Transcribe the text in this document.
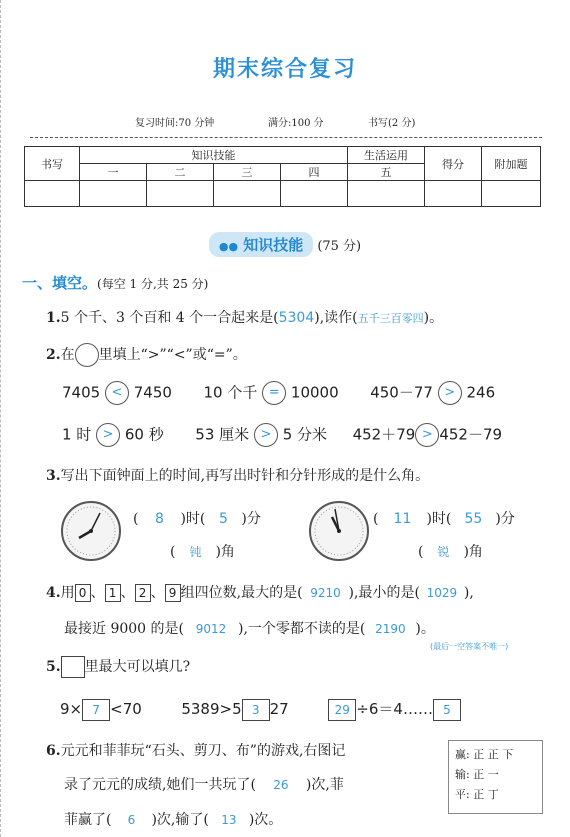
期末综合复习
复习时间:70 分钟	满分:100 分	书写(2 分)
书写	知识技能				生活运用	得分	附加题
	一	二	三	四	五		

●● 知识技能 (75 分)
一、填空。(每空 1 分,共 25 分)
1.5 个千、3 个百和 4 个一合起来是(5304),读作(五千三百零四)。
2.在 里填上“>”“<”或“=”。
7405 < 7450 10 个千 = 10000 450－77 > 246
1 时 > 60 秒 53 厘米 > 5 分米 452＋79 > 452－79
3.写出下面钟面上的时间,再写出时针和分针形成的是什么角。
( 8 )时( 5 )分
( 钝 )角
( 11 )时( 55 )分
( 锐 )角
4.用 0 、 1 、 2 、 9 组四位数,最大的是( 9210 ),最小的是( 1029 ),
最接近 9000 的是( 9012 ),一个零都不读的是( 2190 )。
(最后一空答案不唯一)
5. 里最大可以填几?
9× 7 <70	5389>5 3 27	29 ÷6＝4…… 5
6.元元和菲菲玩“石头、剪刀、布”的游戏,右图记
录了元元的成绩,她们一共玩了( 26 )次,菲
菲赢了( 6 )次,输了( 13 )次。
赢: 正 正 下
输: 正 一
平: 正 丁
